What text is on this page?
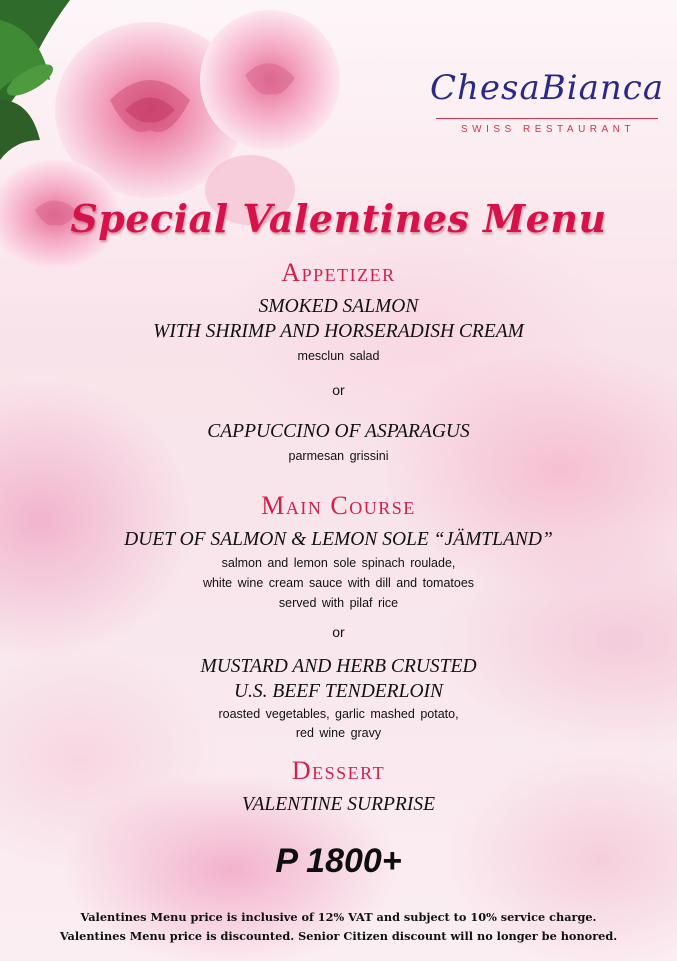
ChesaBianca
SWISS RESTAURANT
Special Valentines Menu
Appetizer
SMOKED SALMON
WITH SHRIMP AND HORSERADISH CREAM
mesclun salad
or
CAPPUCCINO OF ASPARAGUS
parmesan grissini
Main Course
DUET OF SALMON & LEMON SOLE “JÄMTLAND”
salmon and lemon sole spinach roulade,
white wine cream sauce with dill and tomatoes
served with pilaf rice
or
MUSTARD AND HERB CRUSTED
U.S. BEEF TENDERLOIN
roasted vegetables, garlic mashed potato,
red wine gravy
Dessert
VALENTINE SURPRISE
P 1800+
Valentines Menu price is inclusive of 12% VAT and subject to 10% service charge.
Valentines Menu price is discounted. Senior Citizen discount will no longer be honored.
